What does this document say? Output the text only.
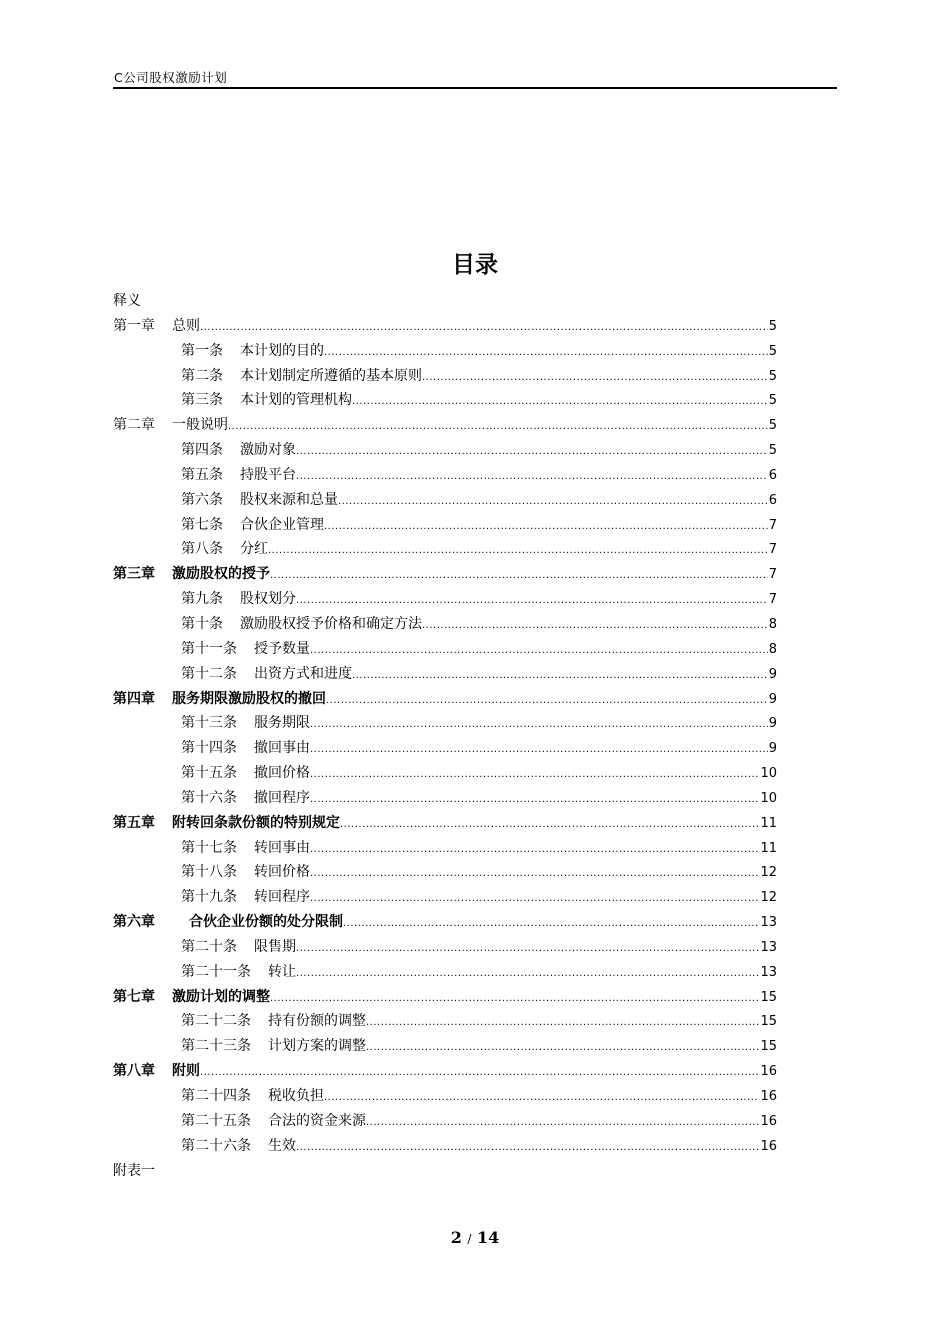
C公司股权激励计划
目录
释义
第一章 总则 .....	5
第一条 本计划的目的 .....	5
第二条 本计划制定所遵循的基本原则 .....	5
第三条 本计划的管理机构 .....	5
第二章 一般说明 .....	5
第四条 激励对象 .....	5
第五条 持股平台 .....	6
第六条 股权来源和总量 .....	6
第七条 合伙企业管理 .....	7
第八条 分红 .....	7
第三章 激励股权的授予 .....	7
第九条 股权划分 .....	7
第十条 激励股权授予价格和确定方法 .....	8
第十一条 授予数量 .....	8
第十二条 出资方式和进度 .....	9
第四章 服务期限激励股权的撤回 .....	9
第十三条 服务期限 .....	9
第十四条 撤回事由 .....	9
第十五条 撤回价格 .....	10
第十六条 撤回程序 .....	10
第五章 附转回条款份额的特别规定 .....	11
第十七条 转回事由 .....	11
第十八条 转回价格 .....	12
第十九条 转回程序 .....	12
第六章 合伙企业份额的处分限制 .....	13
第二十条 限售期 .....	13
第二十一条 转让 .....	13
第七章 激励计划的调整 .....	15
第二十二条 持有份额的调整 .....	15
第二十三条 计划方案的调整 .....	15
第八章 附则 .....	16
第二十四条 税收负担 .....	16
第二十五条 合法的资金来源 .....	16
第二十六条 生效 .....	16
附表一
2 / 14
